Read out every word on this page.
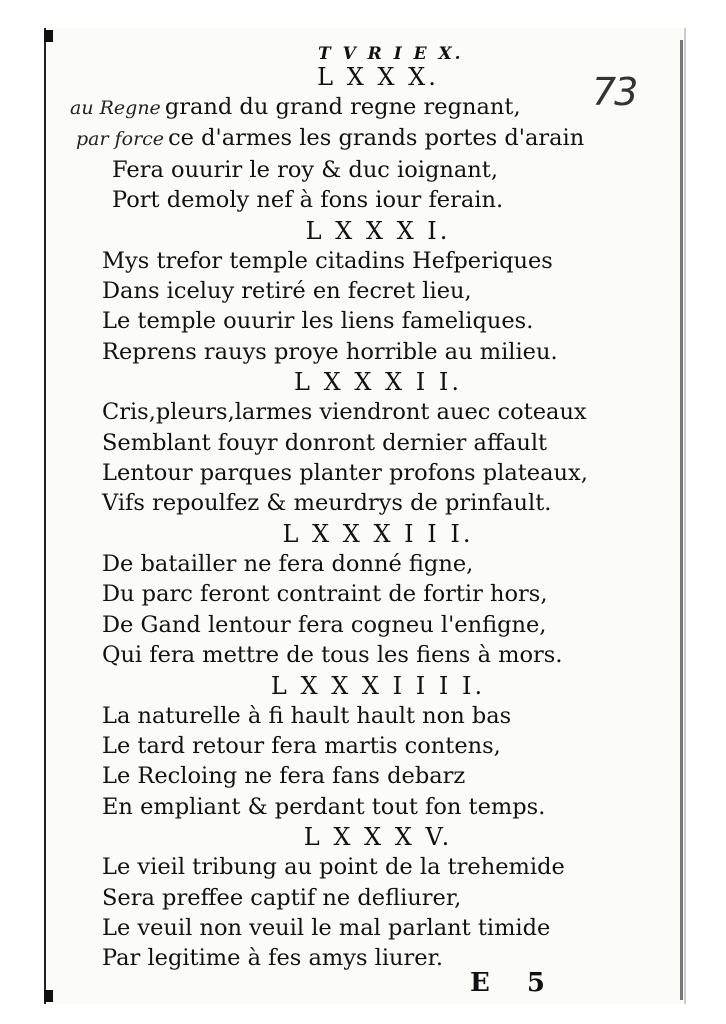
T V R I E X.
73
L X X X.
au Regne grand du grand regne regnant,
par force ce d'armes les grands portes d'arain
Fera ouurir le roy & duc ioignant,
Port demoly nef à fons iour ferain.
L X X X I.
Mys trefor temple citadins Hefperiques
Dans iceluy retiré en fecret lieu,
Le temple ouurir les liens fameliques.
Reprens rauys proye horrible au milieu.
L X X X I I.
Cris,pleurs,larmes viendront auec coteaux
Semblant fouyr donront dernier affault
Lentour parques planter profons plateaux,
Vifs repoulfez & meurdrys de prinfault.
L X X X I I I.
De batailler ne fera donné figne,
Du parc feront contraint de fortir hors,
De Gand lentour fera cogneu l'enfigne,
Qui fera mettre de tous les fiens à mors.
L X X X I I I I.
La naturelle à fi hault hault non bas
Le tard retour fera martis contens,
Le Recloing ne fera fans debarz
En empliant & perdant tout fon temps.
L X X X V.
Le vieil tribung au point de la trehemide
Sera preffee captif ne defliurer,
Le veuil non veuil le mal parlant timide
Par legitime à fes amys liurer.
E 5
